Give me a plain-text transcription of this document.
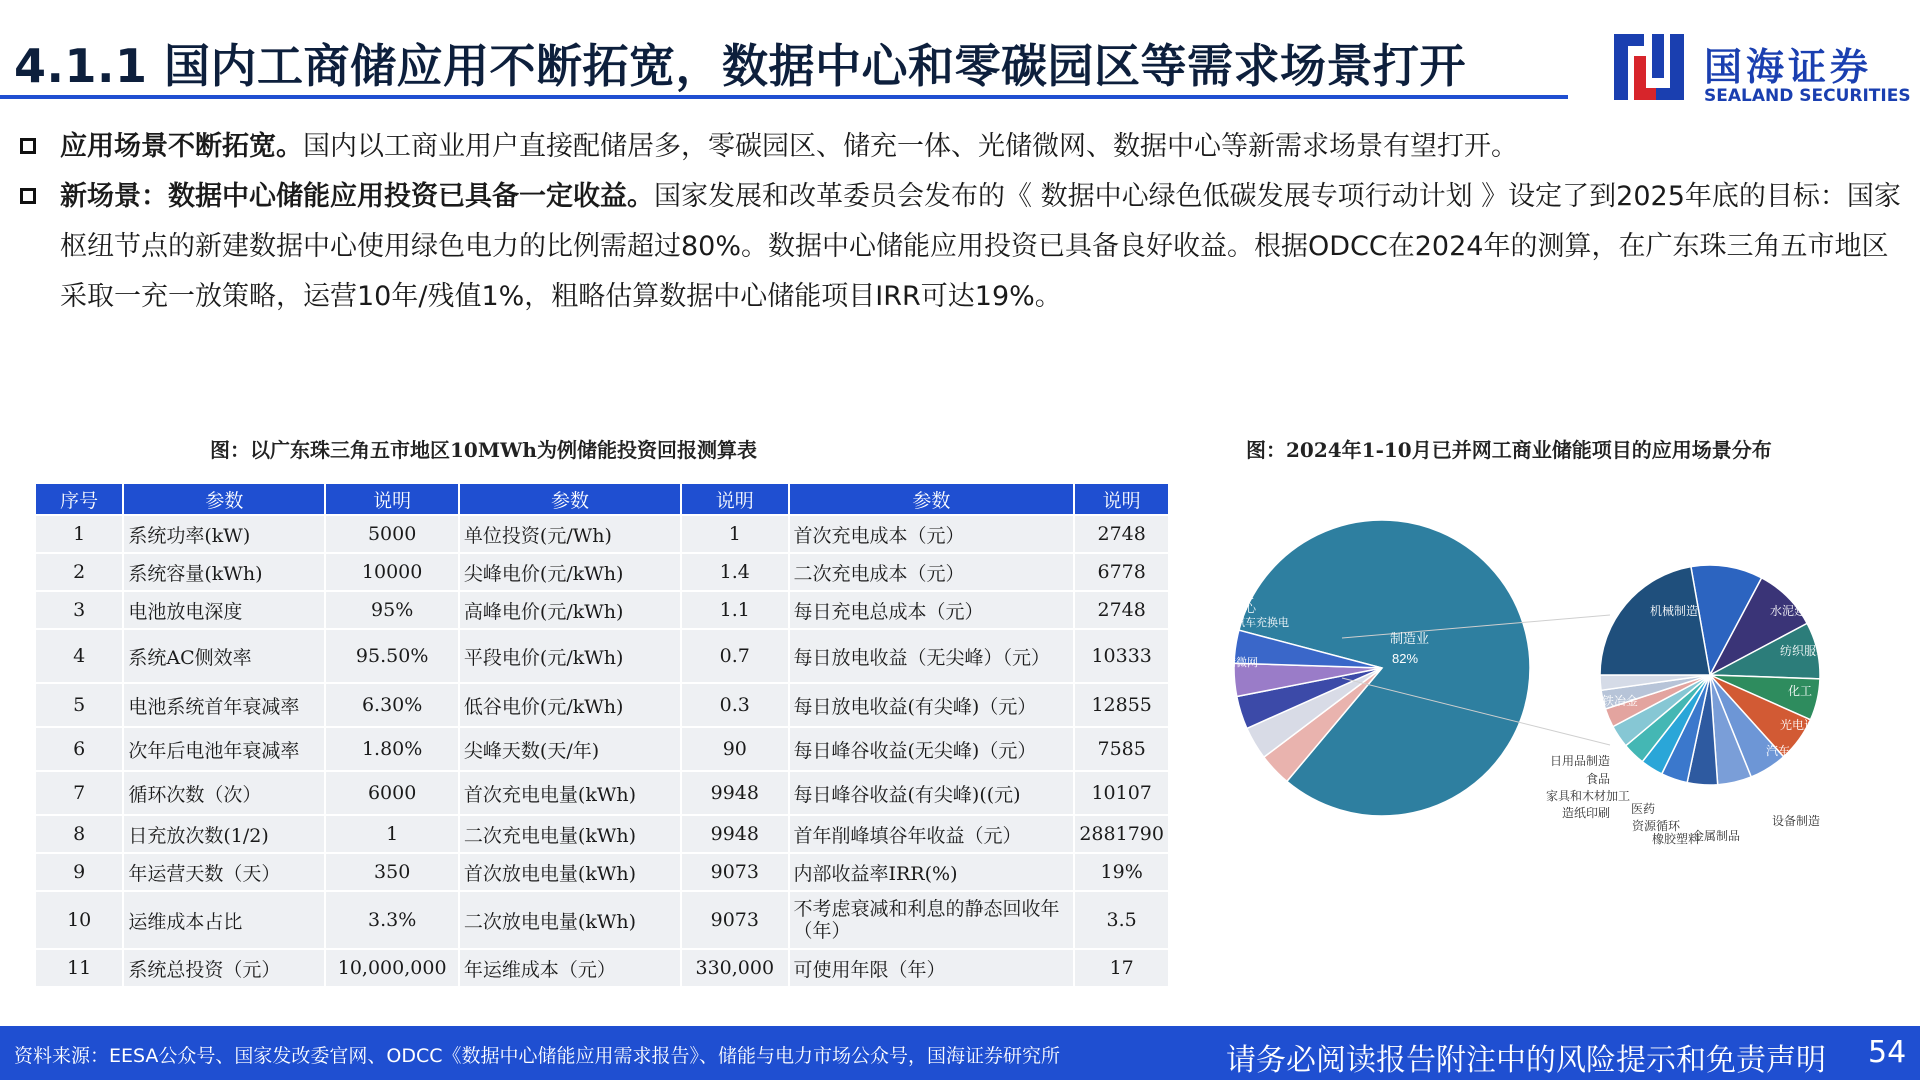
4.1.1 国内工商储应用不断拓宽，数据中心和零碳园区等需求场景打开	国海证券
SEALAND SECURITIES
应用场景不断拓宽。国内以工商业用户直接配储居多，零碳园区、储充一体、光储微网、数据中心等新需求场景有望打开。
新场景：数据中心储能应用投资已具备一定收益。国家发展和改革委员会发布的《 数据中心绿色低碳发展专项行动计划 》设定了到2025年底的目标：国家枢纽节点的新建数据中心使用绿色电力的比例需超过80%。数据中心储能应用投资已具备良好收益。根据ODCC在2024年的测算，在广东珠三角五市地区采取一充一放策略，运营10年/残值1%，粗略估算数据中心储能项目IRR可达19%。
图：以广东珠三角五市地区10MWh为例储能投资回报测算表	图：2024年1-10月已并网工商业储能项目的应用场景分布
序号	参数	说明	参数	说明	参数	说明
1	系统功率(kW)	5000	单位投资(元/Wh)	1	首次充电成本（元）	2748
2	系统容量(kWh)	10000	尖峰电价(元/kWh)	1.4	二次充电成本（元）	6778
3	电池放电深度	95%	高峰电价(元/kWh)	1.1	每日充电总成本（元）	2748
4	系统AC侧效率	95.50%	平段电价(元/kWh)	0.7	每日放电收益（无尖峰）（元）	10333
5	电池系统首年衰减率	6.30%	低谷电价(元/kWh)	0.3	每日放电收益(有尖峰)（元）	12855
6	次年后电池年衰减率	1.80%	尖峰天数(天/年)	90	每日峰谷收益(无尖峰)（元）	7585
7	循环次数（次）	6000	首次充电电量(kWh)	9948	每日峰谷收益(有尖峰)((元)	10107
8	日充放次数(1/2)	1	二次充电电量(kWh)	9948	首年削峰填谷年收益（元）	2881790
9	年运营天数（天）	350	首次放电电量(kWh)	9073	内部收益率IRR(%)	19%
10	运维成本占比	3.3%	二次放电电量(kWh)	9073	不考虑衰减和利息的静态回收年（年）	3.5
11	系统总投资（元）	10,000,000	年运维成本（元）	330,000	可使用年限（年）	17
制造业
82%
产业园区
数据中心
电动汽车充换电
商业
光储微网
机械制造	水泥建材
纺织服装化纤
化工
光电通信
汽车
钢铁冶金
设备制造
金属制品
橡胶塑料
资源循环
医药
造纸印刷
家具和木材加工
食品
日用品制造
资料来源：EESA公众号、国家发改委官网、ODCC《数据中心储能应用需求报告》、储能与电力市场公众号，国海证券研究所	请务必阅读报告附注中的风险提示和免责声明 54
